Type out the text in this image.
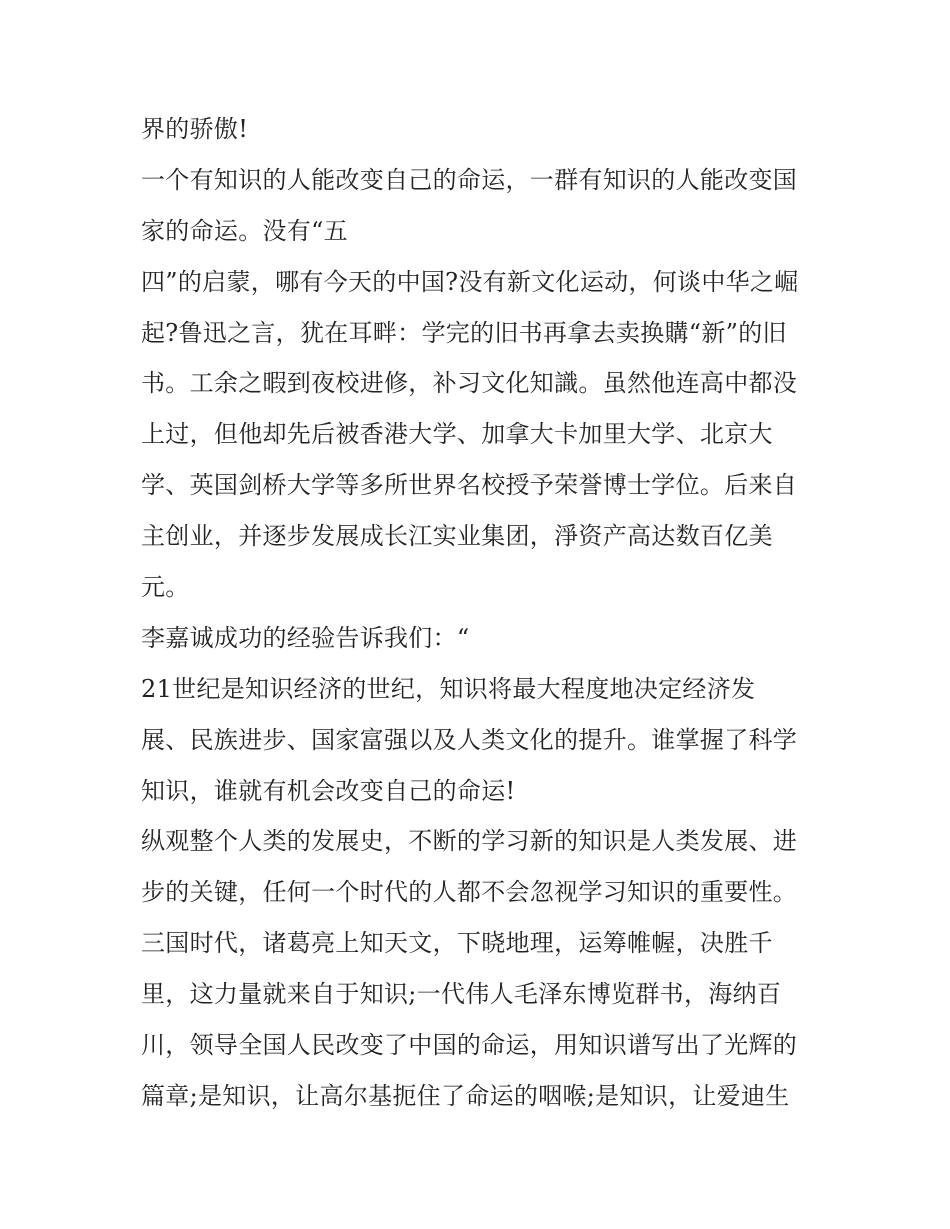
界的骄傲!
一个有知识的人能改变自己的命运，一群有知识的人能改变国
家的命运。没有“五
四”的启蒙，哪有今天的中国?没有新文化运动，何谈中华之崛
起?鲁迅之言，犹在耳畔：学完的旧书再拿去卖换購“新”的旧
书。工余之暇到夜校进修，补习文化知識。虽然他连高中都没
上过，但他却先后被香港大学、加拿大卡加里大学、北京大
学、英国剑桥大学等多所世界名校授予荣誉博士学位。后来自
主创业，并逐步发展成长江实业集团，淨资产高达数百亿美
元。
李嘉诚成功的经验告诉我们：“
21世纪是知识经济的世纪，知识将最大程度地决定经济发
展、民族进步、国家富强以及人类文化的提升。谁掌握了科学
知识，谁就有机会改变自己的命运!
纵观整个人类的发展史，不断的学习新的知识是人类发展、进
步的关键，任何一个时代的人都不会忽视学习知识的重要性。
三国时代，诸葛亮上知天文，下晓地理，运筹帷幄，决胜千
里，这力量就来自于知识;一代伟人毛泽东博览群书，海纳百
川，领导全国人民改变了中国的命运，用知识谱写出了光辉的
篇章;是知识，让高尔基扼住了命运的咽喉;是知识，让爱迪生
